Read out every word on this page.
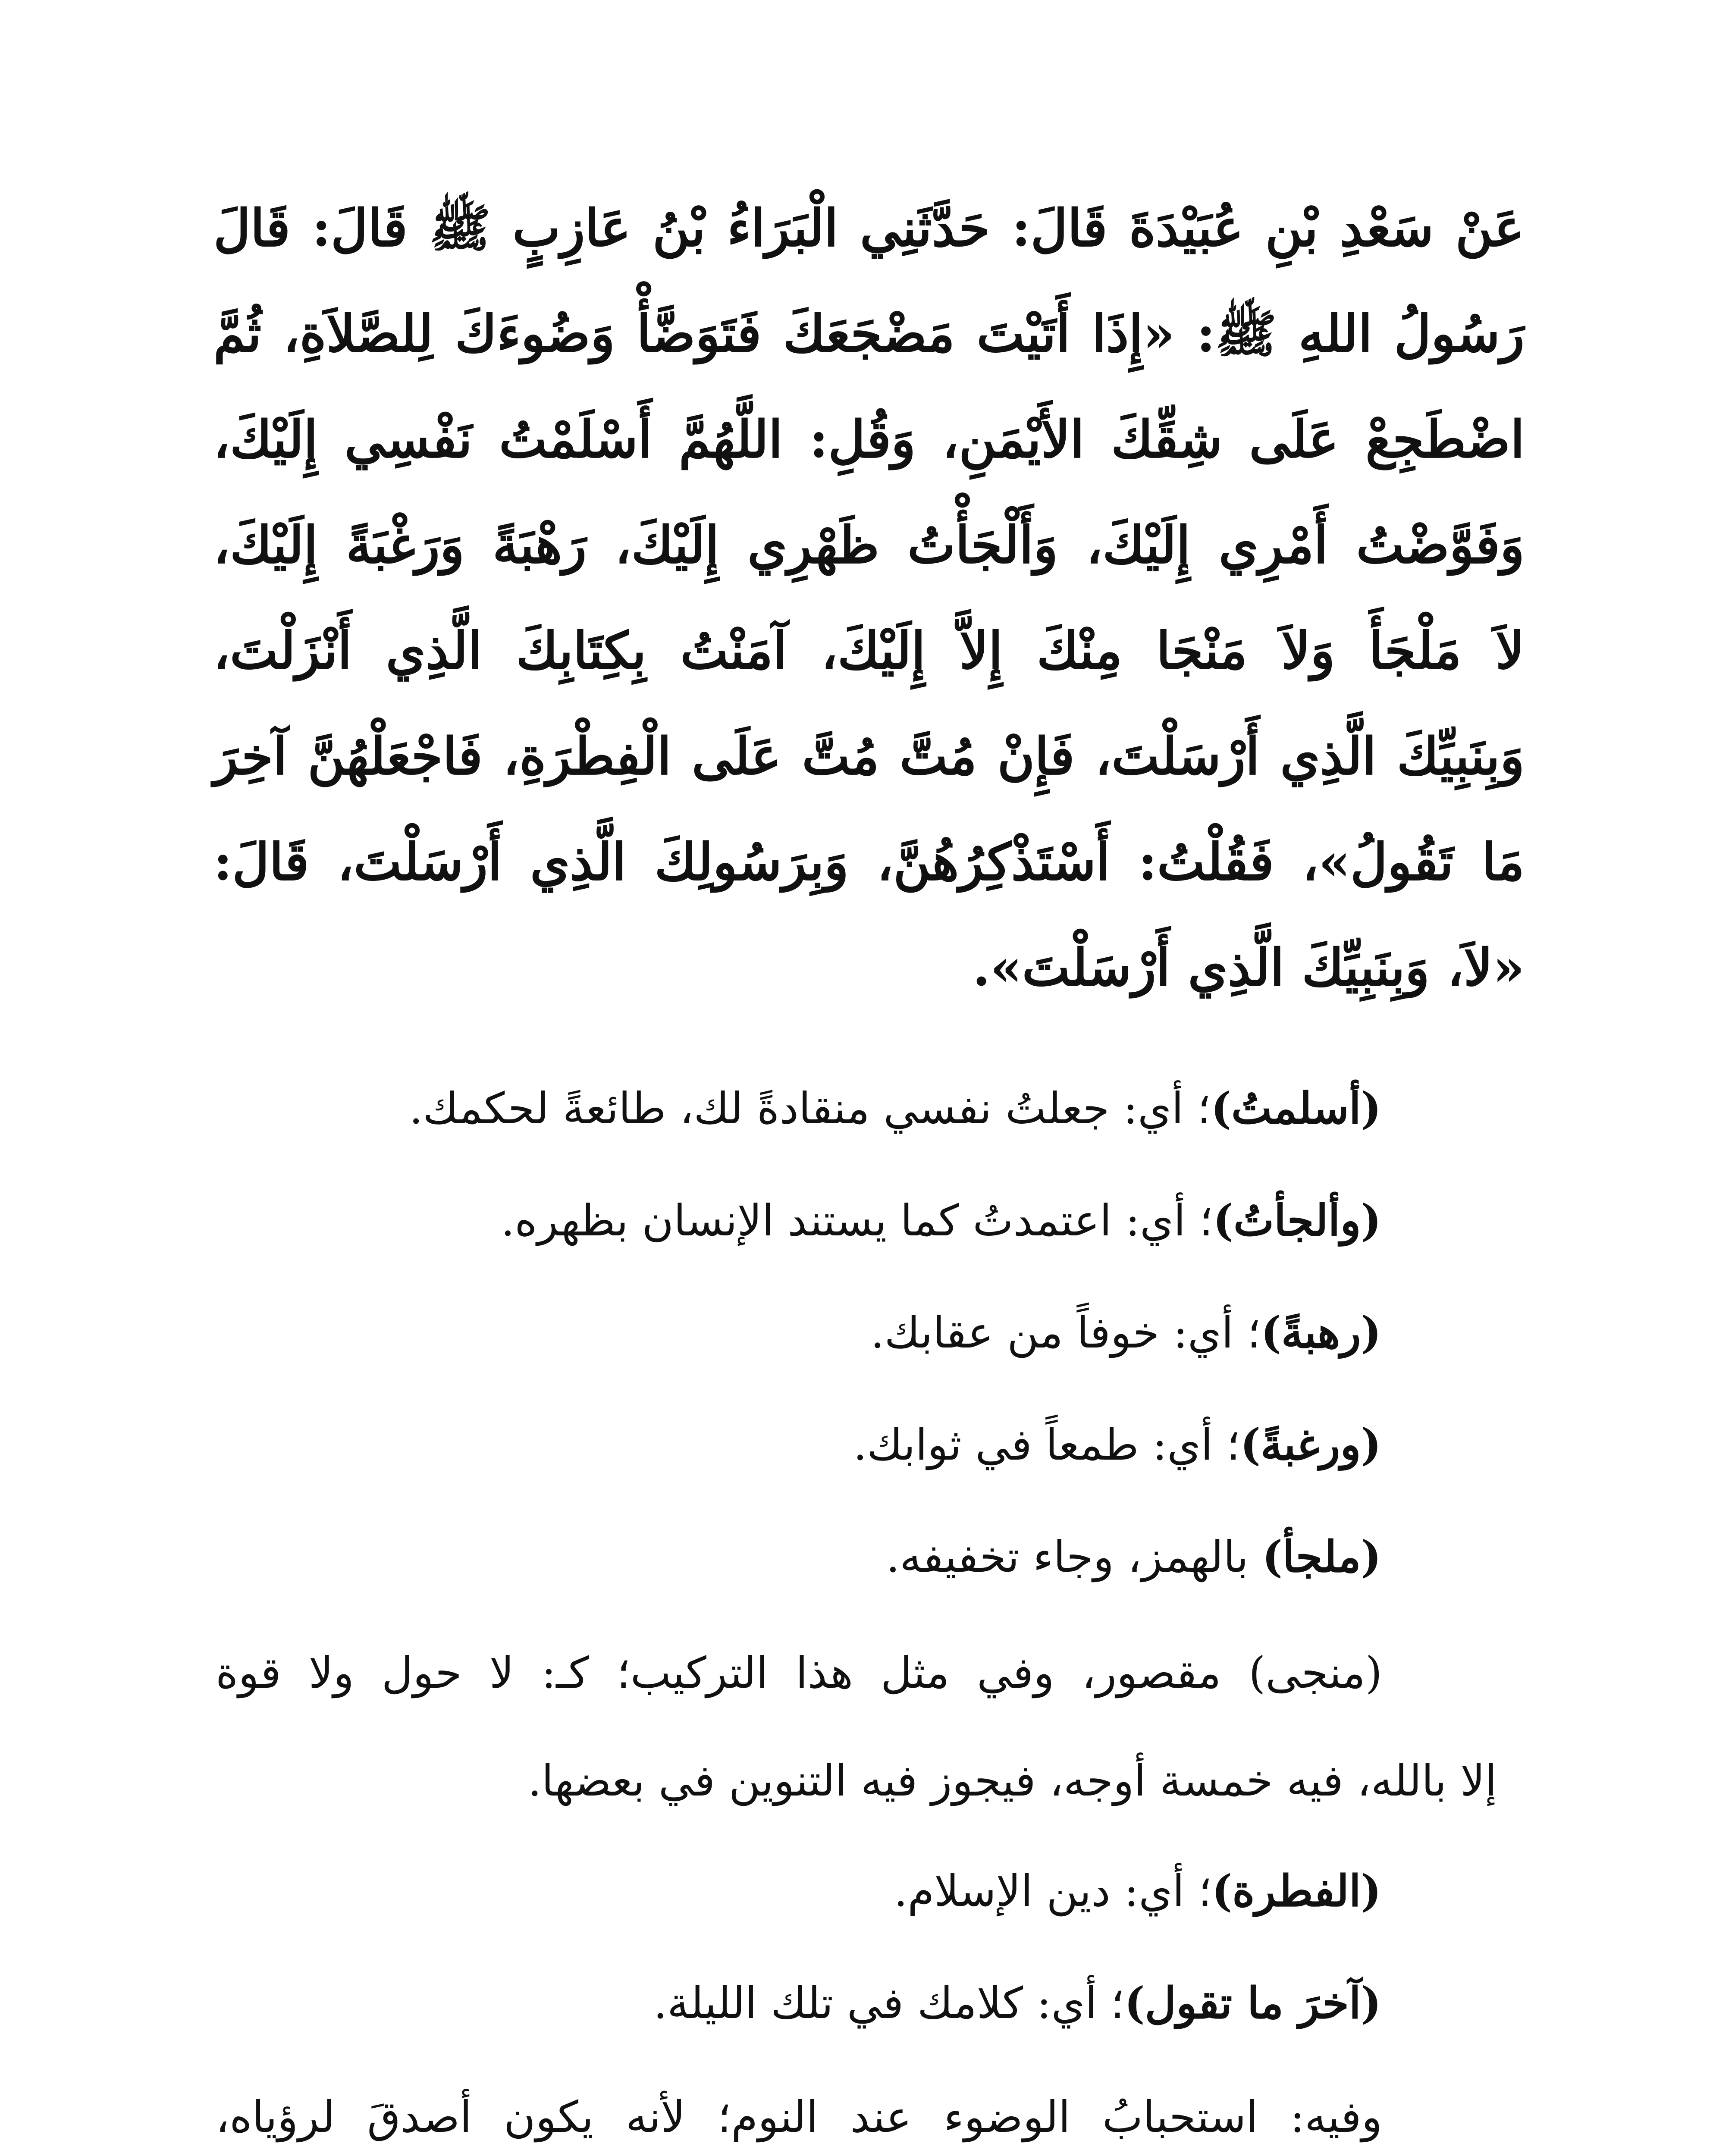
عَنْ سَعْدِ بْنِ عُبَيْدَةَ قَالَ: حَدَّثَنِي الْبَرَاءُ بْنُ عَازِبٍ ﷺ قَالَ: قَالَ

رَسُولُ اللهِ ﷺ: «إِذَا أَتَيْتَ مَضْجَعَكَ فَتَوَضَّأْ وَضُوءَكَ لِلصَّلاَةِ، ثُمَّ

اضْطَجِعْ عَلَى شِقِّكَ الأَيْمَنِ، وَقُلِ: اللَّهُمَّ أَسْلَمْتُ نَفْسِي إِلَيْكَ،

وَفَوَّضْتُ أَمْرِي إِلَيْكَ، وَأَلْجَأْتُ ظَهْرِي إِلَيْكَ، رَهْبَةً وَرَغْبَةً إِلَيْكَ،

لاَ مَلْجَأَ وَلاَ مَنْجَا مِنْكَ إِلاَّ إِلَيْكَ، آمَنْتُ بِكِتَابِكَ الَّذِي أَنْزَلْتَ،

وَبِنَبِيِّكَ الَّذِي أَرْسَلْتَ، فَإِنْ مُتَّ مُتَّ عَلَى الْفِطْرَةِ، فَاجْعَلْهُنَّ آخِرَ

مَا تَقُولُ»، فَقُلْتُ: أَسْتَذْكِرُهُنَّ، وَبِرَسُولِكَ الَّذِي أَرْسَلْتَ، قَالَ:

«لاَ، وَبِنَبِيِّكَ الَّذِي أَرْسَلْتَ».

(أسلمتُ)؛ أي: جعلتُ نفسي منقادةً لك، طائعةً لحكمك.

(وألجأتُ)؛ أي: اعتمدتُ كما يستند الإنسان بظهره.

(رهبةً)؛ أي: خوفاً من عقابك.

(ورغبةً)؛ أي: طمعاً في ثوابك.

(ملجأ) بالهمز، وجاء تخفيفه.

(منجى) مقصور، وفي مثل هذا التركيب؛ كـ: لا حول ولا قوة

إلا بالله، فيه خمسة أوجه، فيجوز فيه التنوين في بعضها.

(الفطرة)؛ أي: دين الإسلام.

(آخرَ ما تقول)؛ أي: كلامك في تلك الليلة.

وفيه: استحبابُ الوضوء عند النوم؛ لأنه يكون أصدقَ لرؤياه،
